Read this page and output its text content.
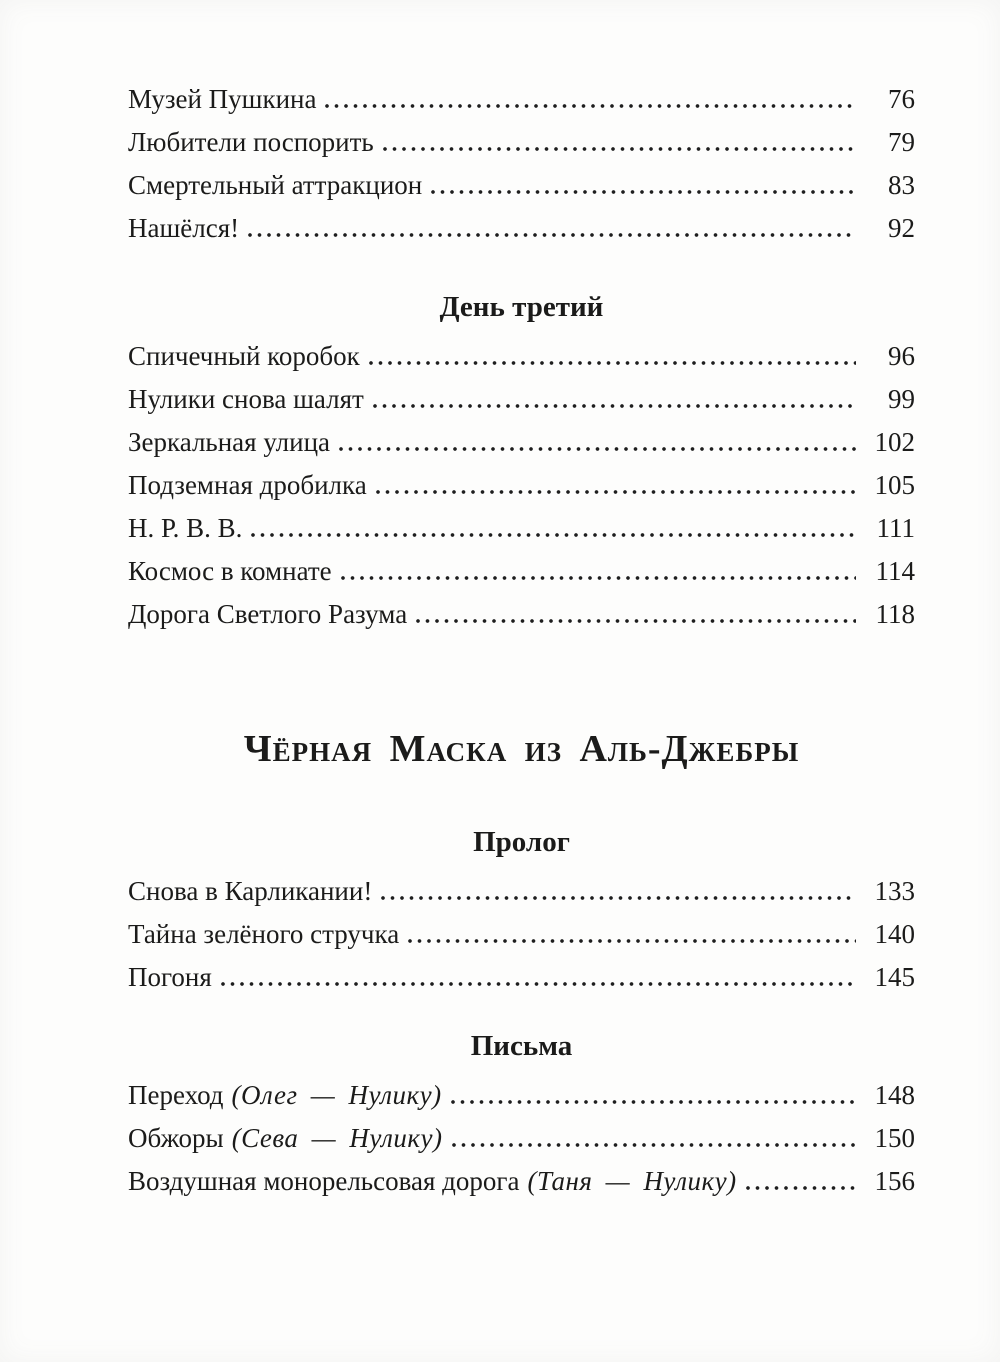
Музей Пушкина	76
Любители поспорить	79
Смертельный аттракцион	83
Нашёлся!	92
День третий
Спичечный коробок	96
Нулики снова шалят	99
Зеркальная улица	102
Подземная дробилка	105
Н. Р. В. В.	111
Космос в комнате	114
Дорога Светлого Разума	118
Чёрная Маска из Аль-Джебры
Пролог
Снова в Карликании!	133
Тайна зелёного стручка	140
Погоня	145
Письма
Переход (Олег — Нулику)	148
Обжоры (Сева — Нулику)	150
Воздушная монорельсовая дорога (Таня — Нулику)	156
